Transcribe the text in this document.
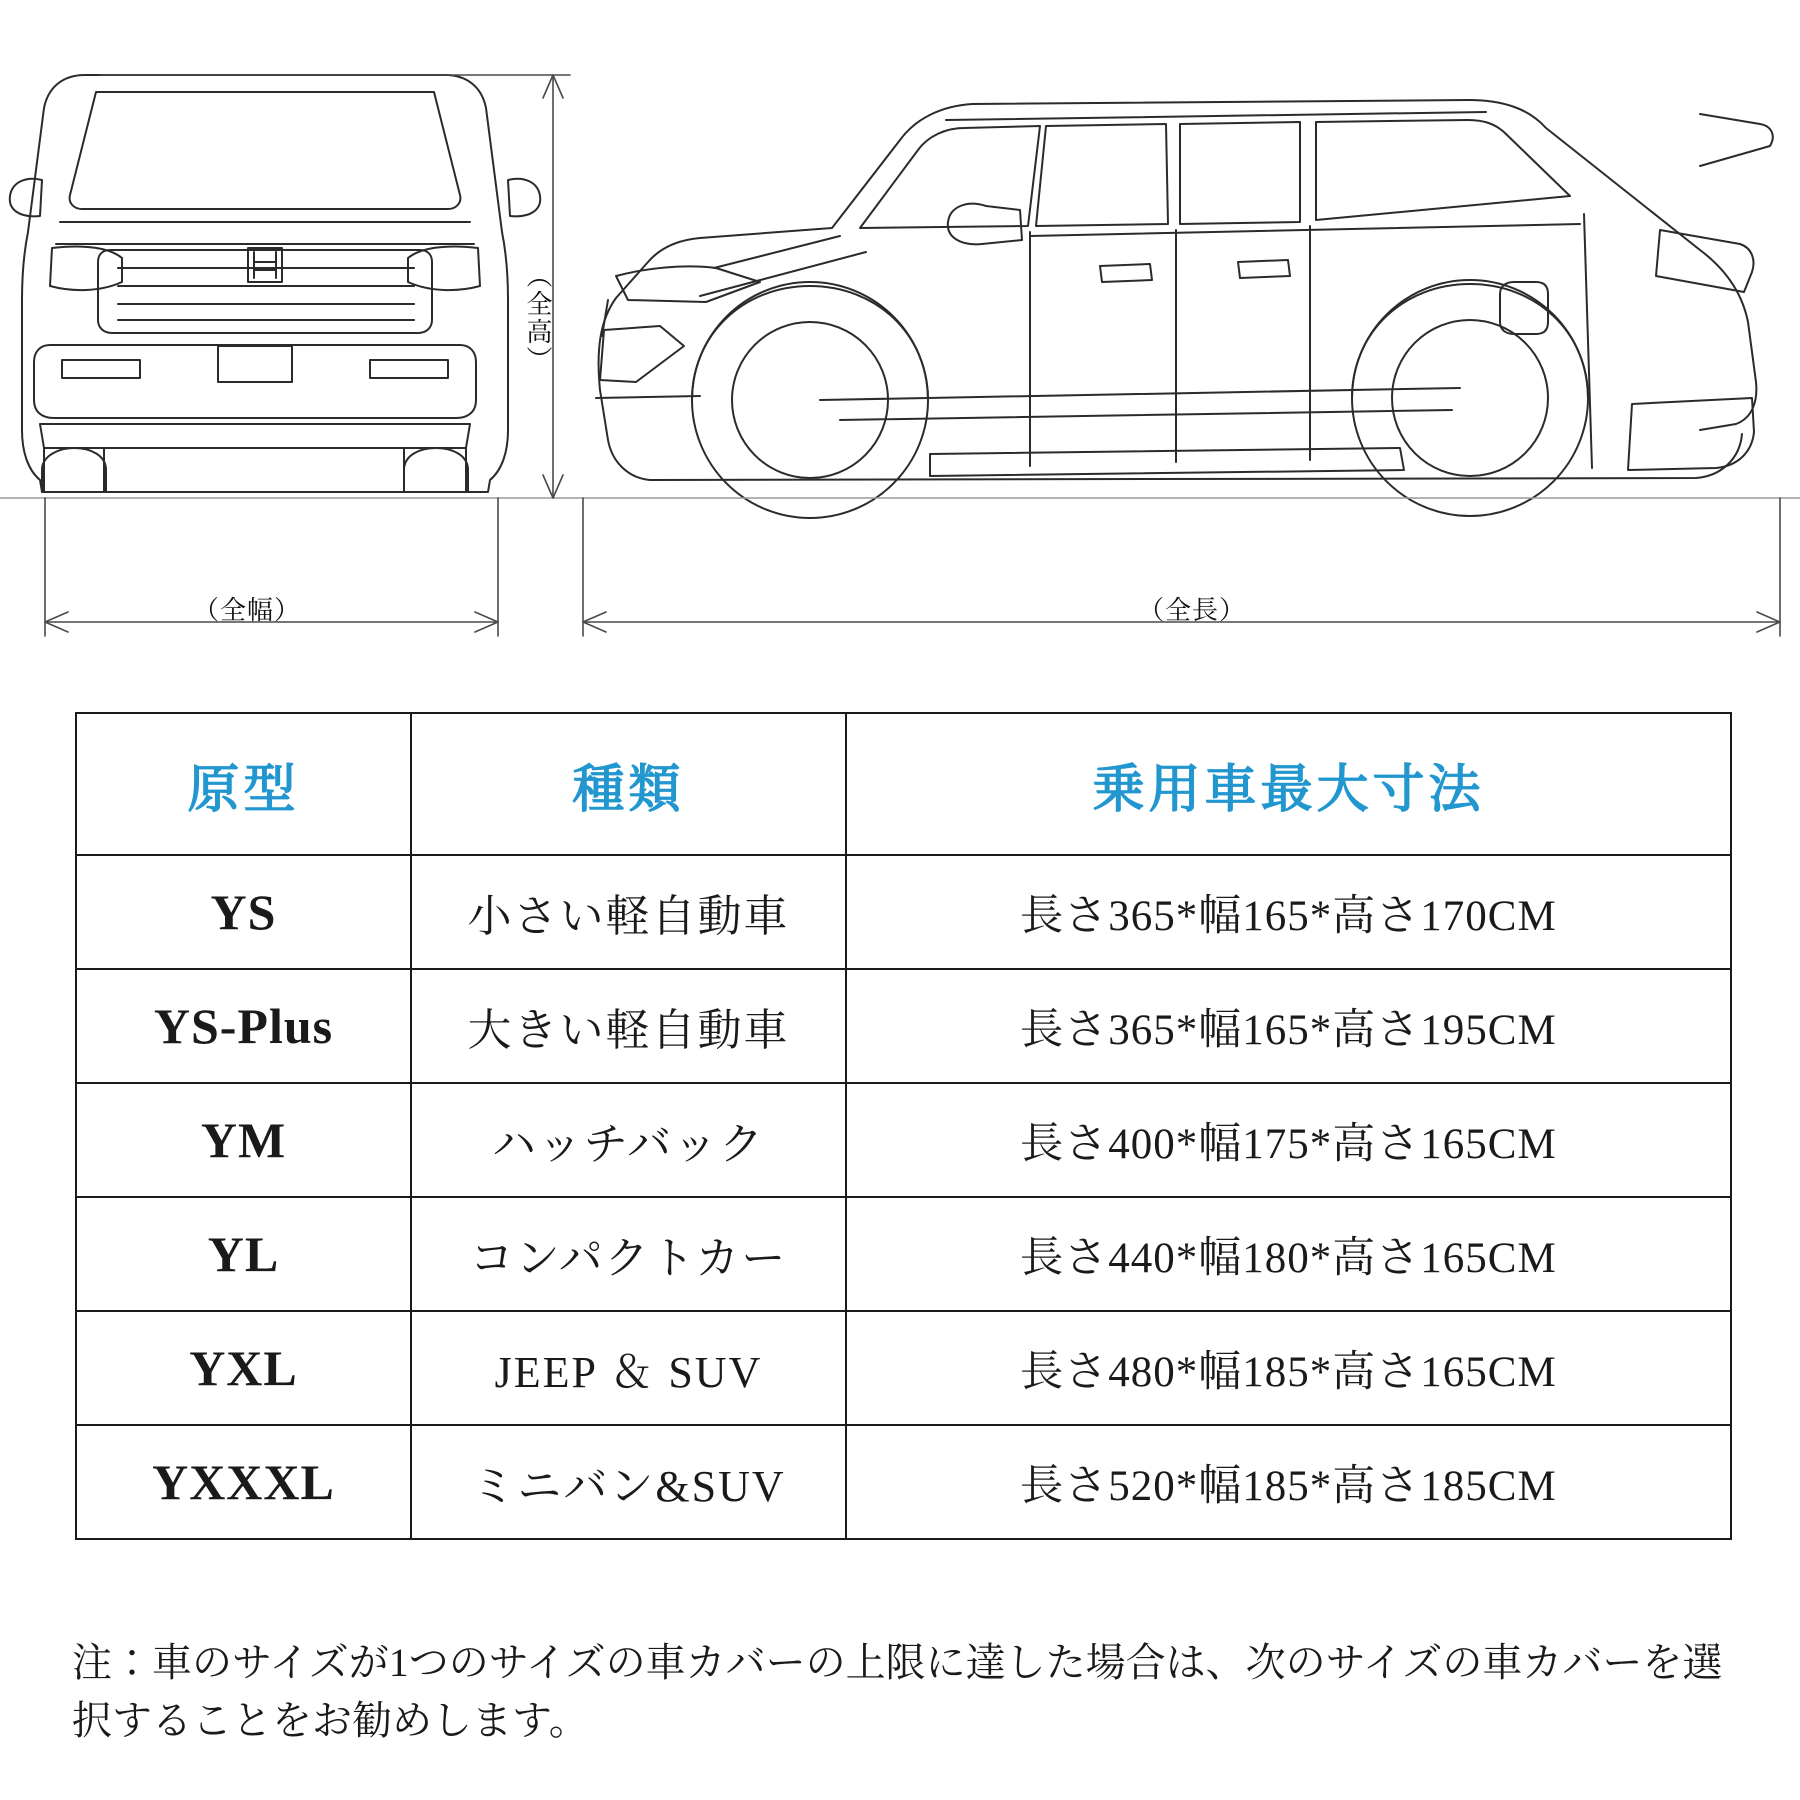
（全幅）	（全長）
（全高）
原型	種類	乗用車最大寸法
YS	小さい軽自動車	長さ365*幅165*高さ170CM
YS-Plus	大きい軽自動車	長さ365*幅165*高さ195CM
YM	ハッチバック	長さ400*幅175*高さ165CM
YL	コンパクトカー	長さ440*幅180*高さ165CM
YXL	JEEP ＆ SUV	長さ480*幅185*高さ165CM
YXXXL	ミニバン&SUV	長さ520*幅185*高さ185CM
注：車のサイズが1つのサイズの車カバーの上限に達した場合は、次のサイズの車カバーを選択することをお勧めします。
